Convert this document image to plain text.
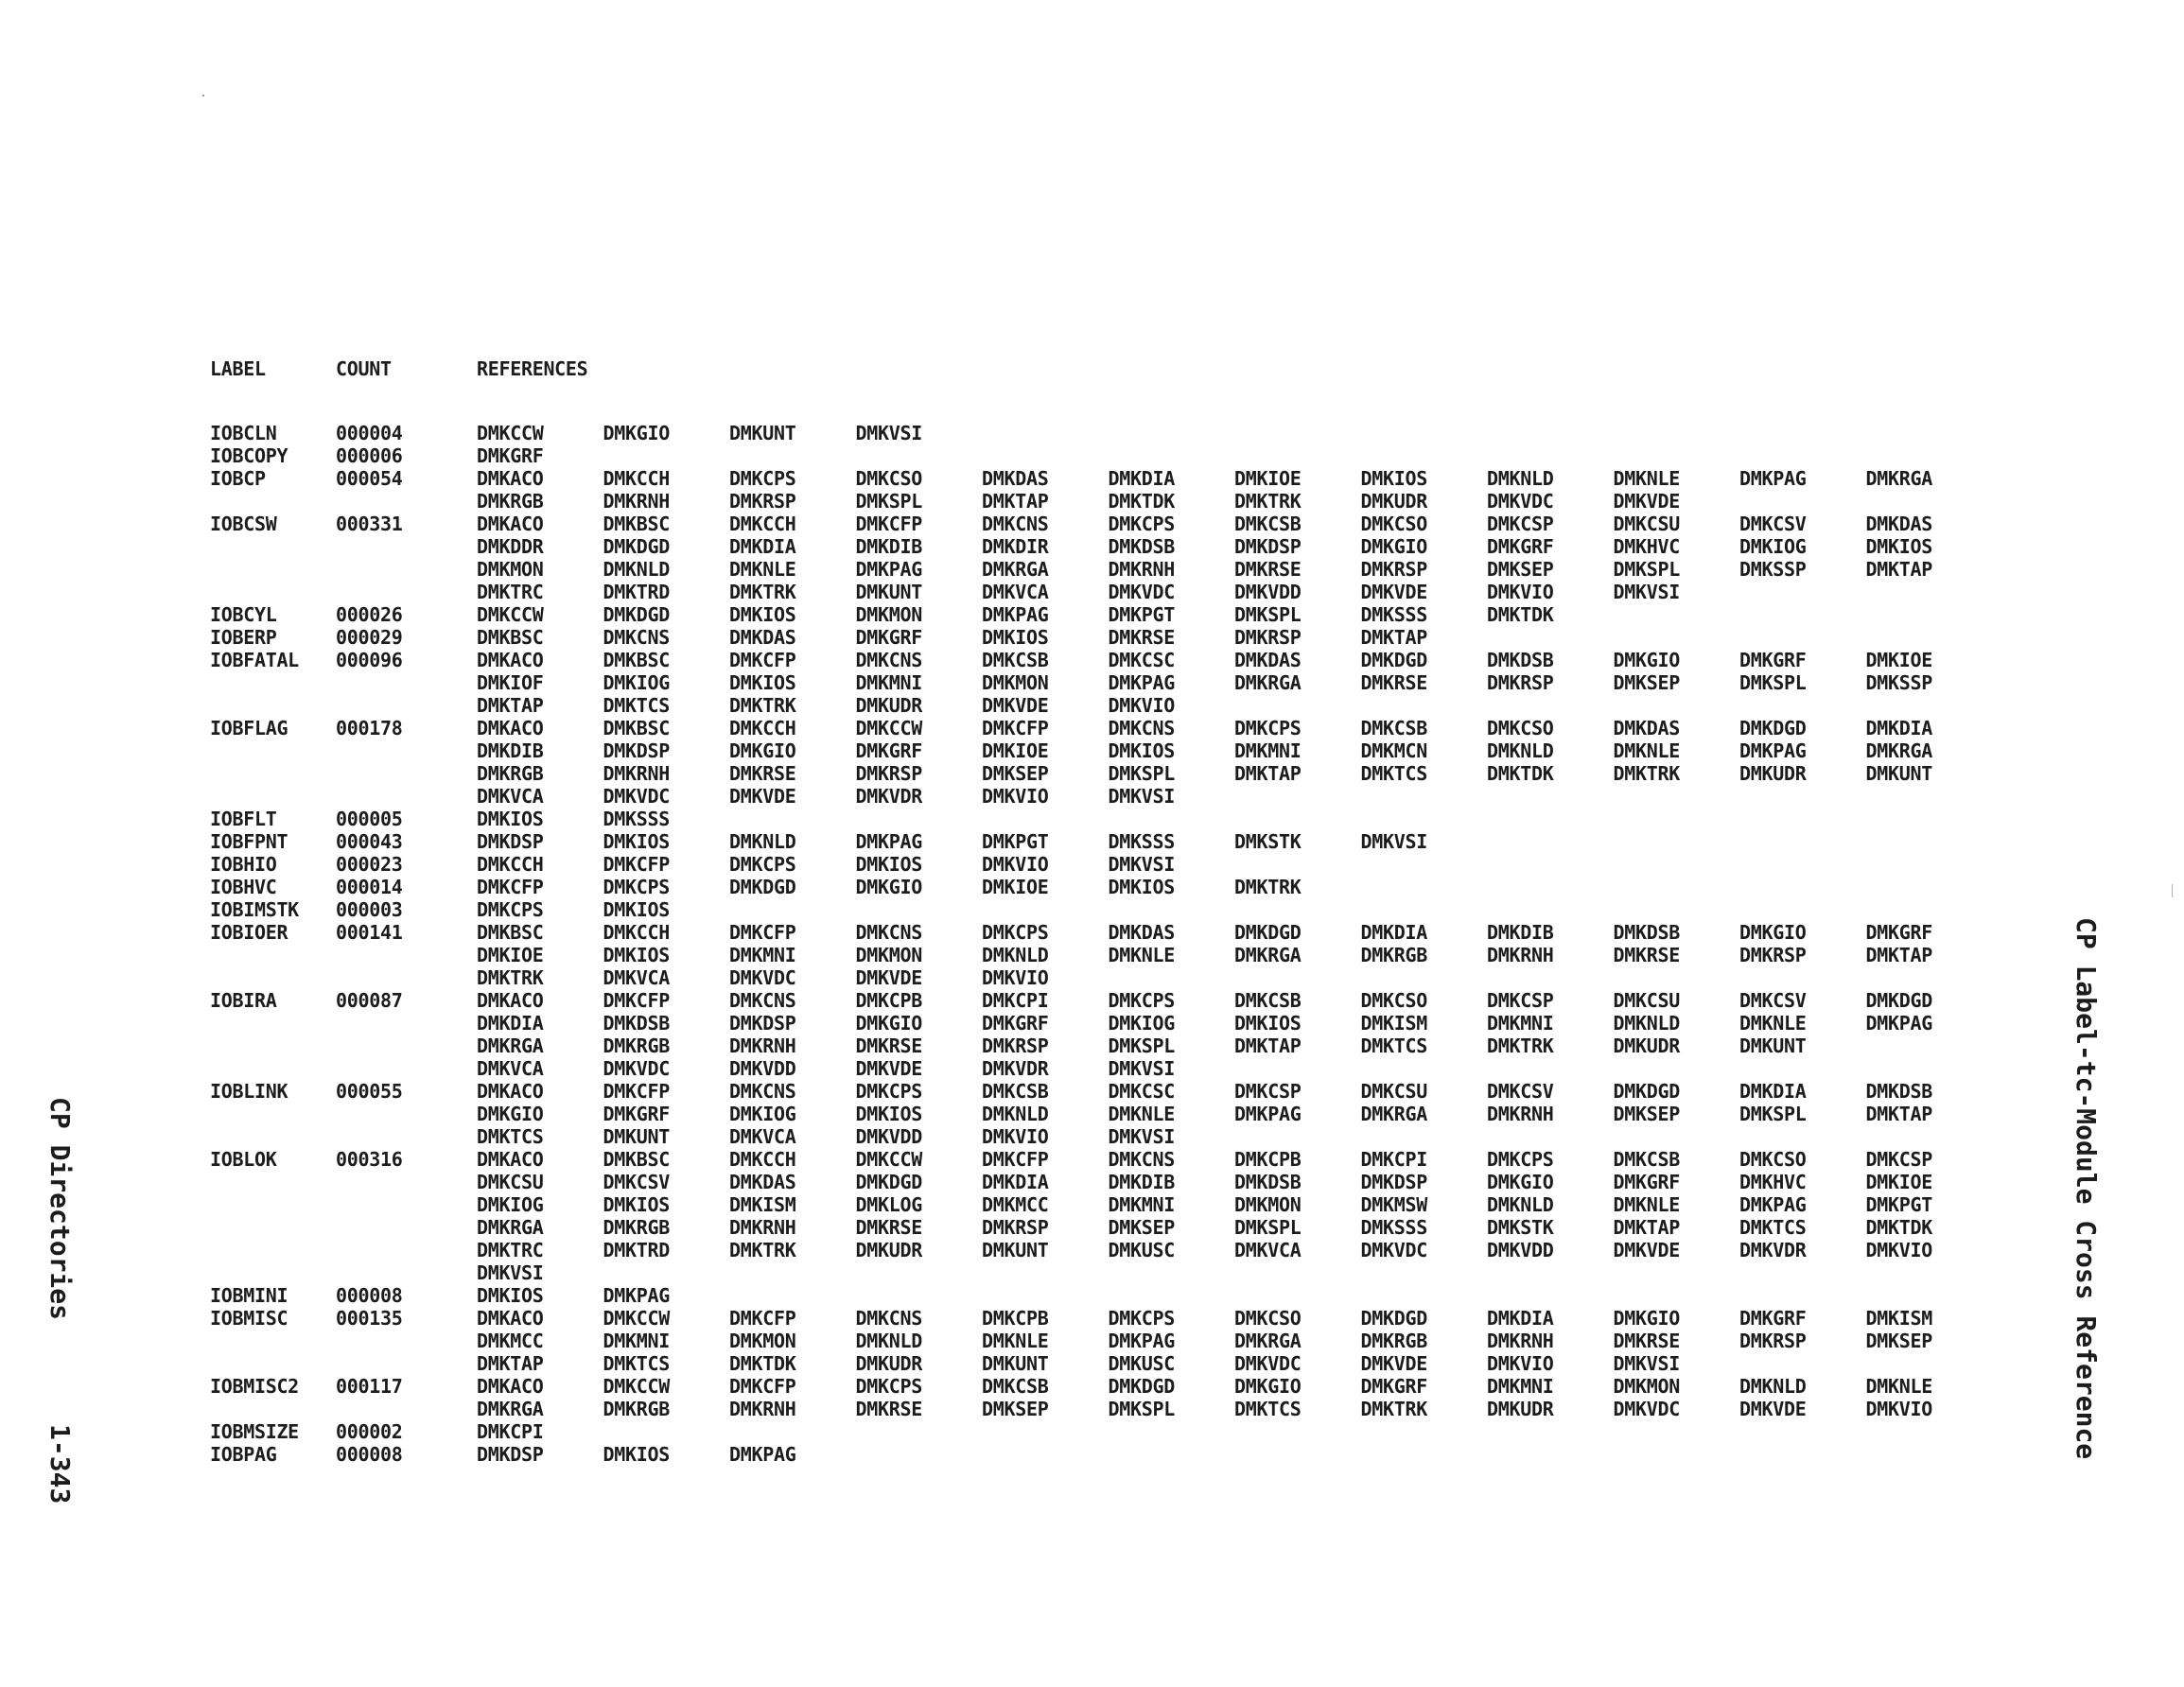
LABEL	COUNT	REFERENCES
IOBCLN	000004	DMKCCW	DMKGIO	DMKUNT	DMKVSI
IOBCOPY	000006	DMKGRF
IOBCP	000054	DMKACO	DMKCCH	DMKCPS	DMKCSO	DMKDAS	DMKDIA	DMKIOE	DMKIOS	DMKNLD	DMKNLE	DMKPAG	DMKRGA
DMKRGB	DMKRNH	DMKRSP	DMKSPL	DMKTAP	DMKTDK	DMKTRK	DMKUDR	DMKVDC	DMKVDE
IOBCSW	000331	DMKACO	DMKBSC	DMKCCH	DMKCFP	DMKCNS	DMKCPS	DMKCSB	DMKCSO	DMKCSP	DMKCSU	DMKCSV	DMKDAS
DMKDDR	DMKDGD	DMKDIA	DMKDIB	DMKDIR	DMKDSB	DMKDSP	DMKGIO	DMKGRF	DMKHVC	DMKIOG	DMKIOS
DMKMON	DMKNLD	DMKNLE	DMKPAG	DMKRGA	DMKRNH	DMKRSE	DMKRSP	DMKSEP	DMKSPL	DMKSSP	DMKTAP
DMKTRC	DMKTRD	DMKTRK	DMKUNT	DMKVCA	DMKVDC	DMKVDD	DMKVDE	DMKVIO	DMKVSI
IOBCYL	000026	DMKCCW	DMKDGD	DMKIOS	DMKMON	DMKPAG	DMKPGT	DMKSPL	DMKSSS	DMKTDK
IOBERP	000029	DMKBSC	DMKCNS	DMKDAS	DMKGRF	DMKIOS	DMKRSE	DMKRSP	DMKTAP
IOBFATAL 000096	DMKACO	DMKBSC	DMKCFP	DMKCNS	DMKCSB	DMKCSC	DMKDAS	DMKDGD	DMKDSB	DMKGIO	DMKGRF	DMKIOE
DMKIOF	DMKIOG	DMKIOS	DMKMNI	DMKMON	DMKPAG	DMKRGA	DMKRSE	DMKRSP	DMKSEP	DMKSPL	DMKSSP
DMKTAP	DMKTCS	DMKTRK	DMKUDR	DMKVDE	DMKVIO
IOBFLAG	000178	DMKACO	DMKBSC	DMKCCH	DMKCCW	DMKCFP	DMKCNS	DMKCPS	DMKCSB	DMKCSO	DMKDAS	DMKDGD	DMKDIA
DMKDIB	DMKDSP	DMKGIO	DMKGRF	DMKIOE	DMKIOS	DMKMNI	DMKMCN	DMKNLD	DMKNLE	DMKPAG	DMKRGA
DMKRGB	DMKRNH	DMKRSE	DMKRSP	DMKSEP	DMKSPL	DMKTAP	DMKTCS	DMKTDK	DMKTRK	DMKUDR	DMKUNT
DMKVCA	DMKVDC	DMKVDE	DMKVDR	DMKVIO	DMKVSI
IOBFLT	000005	DMKIOS	DMKSSS
IOBFPNT	000043	DMKDSP	DMKIOS	DMKNLD	DMKPAG	DMKPGT	DMKSSS	DMKSTK	DMKVSI
IOBHIO	000023	DMKCCH	DMKCFP	DMKCPS	DMKIOS	DMKVIO	DMKVSI
IOBHVC	000014	DMKCFP	DMKCPS	DMKDGD	DMKGIO	DMKIOE	DMKIOS	DMKTRK
IOBIMSTK 000003	DMKCPS	DMKIOS
IOBIOER	000141	DMKBSC	DMKCCH	DMKCFP	DMKCNS	DMKCPS	DMKDAS	DMKDGD	DMKDIA	DMKDIB	DMKDSB	DMKGIO	DMKGRF
DMKIOE	DMKIOS	DMKMNI	DMKMON	DMKNLD	DMKNLE	DMKRGA	DMKRGB	DMKRNH	DMKRSE	DMKRSP	DMKTAP
DMKTRK	DMKVCA	DMKVDC	DMKVDE	DMKVIO
IOBIRA	000087	DMKACO	DMKCFP	DMKCNS	DMKCPB	DMKCPI	DMKCPS	DMKCSB	DMKCSO	DMKCSP	DMKCSU	DMKCSV	DMKDGD
DMKDIA	DMKDSB	DMKDSP	DMKGIO	DMKGRF	DMKIOG	DMKIOS	DMKISM	DMKMNI	DMKNLD	DMKNLE	DMKPAG
DMKRGA	DMKRGB	DMKRNH	DMKRSE	DMKRSP	DMKSPL	DMKTAP	DMKTCS	DMKTRK	DMKUDR	DMKUNT
DMKVCA	DMKVDC	DMKVDD	DMKVDE	DMKVDR	DMKVSI
IOBLINK	000055	DMKACO	DMKCFP	DMKCNS	DMKCPS	DMKCSB	DMKCSC	DMKCSP	DMKCSU	DMKCSV	DMKDGD	DMKDIA	DMKDSB
DMKGIO	DMKGRF	DMKIOG	DMKIOS	DMKNLD	DMKNLE	DMKPAG	DMKRGA	DMKRNH	DMKSEP	DMKSPL	DMKTAP
DMKTCS	DMKUNT	DMKVCA	DMKVDD	DMKVIO	DMKVSI
IOBLOK	000316	DMKACO	DMKBSC	DMKCCH	DMKCCW	DMKCFP	DMKCNS	DMKCPB	DMKCPI	DMKCPS	DMKCSB	DMKCSO	DMKCSP
DMKCSU	DMKCSV	DMKDAS	DMKDGD	DMKDIA	DMKDIB	DMKDSB	DMKDSP	DMKGIO	DMKGRF	DMKHVC	DMKIOE
DMKIOG	DMKIOS	DMKISM	DMKLOG	DMKMCC	DMKMNI	DMKMON	DMKMSW	DMKNLD	DMKNLE	DMKPAG	DMKPGT
DMKRGA	DMKRGB	DMKRNH	DMKRSE	DMKRSP	DMKSEP	DMKSPL	DMKSSS	DMKSTK	DMKTAP	DMKTCS	DMKTDK
DMKTRC	DMKTRD	DMKTRK	DMKUDR	DMKUNT	DMKUSC	DMKVCA	DMKVDC	DMKVDD	DMKVDE	DMKVDR	DMKVIO
DMKVSI
IOBMINI	000008	DMKIOS	DMKPAG
IOBMISC	000135	DMKACO	DMKCCW	DMKCFP	DMKCNS	DMKCPB	DMKCPS	DMKCSO	DMKDGD	DMKDIA	DMKGIO	DMKGRF	DMKISM
DMKMCC	DMKMNI	DMKMON	DMKNLD	DMKNLE	DMKPAG	DMKRGA	DMKRGB	DMKRNH	DMKRSE	DMKRSP	DMKSEP
DMKTAP	DMKTCS	DMKTDK	DMKUDR	DMKUNT	DMKUSC	DMKVDC	DMKVDE	DMKVIO	DMKVSI
IOBMISC2 000117	DMKACO	DMKCCW	DMKCFP	DMKCPS	DMKCSB	DMKDGD	DMKGIO	DMKGRF	DMKMNI	DMKMON	DMKNLD	DMKNLE
DMKRGA	DMKRGB	DMKRNH	DMKRSE	DMKSEP	DMKSPL	DMKTCS	DMKTRK	DMKUDR	DMKVDC	DMKVDE	DMKVIO
IOBMSIZE 000002	DMKCPI
IOBPAG	000008	DMKDSP	DMKIOS	DMKPAG
CP Directories1-343
CP Label-tc-Module Cross Reference
